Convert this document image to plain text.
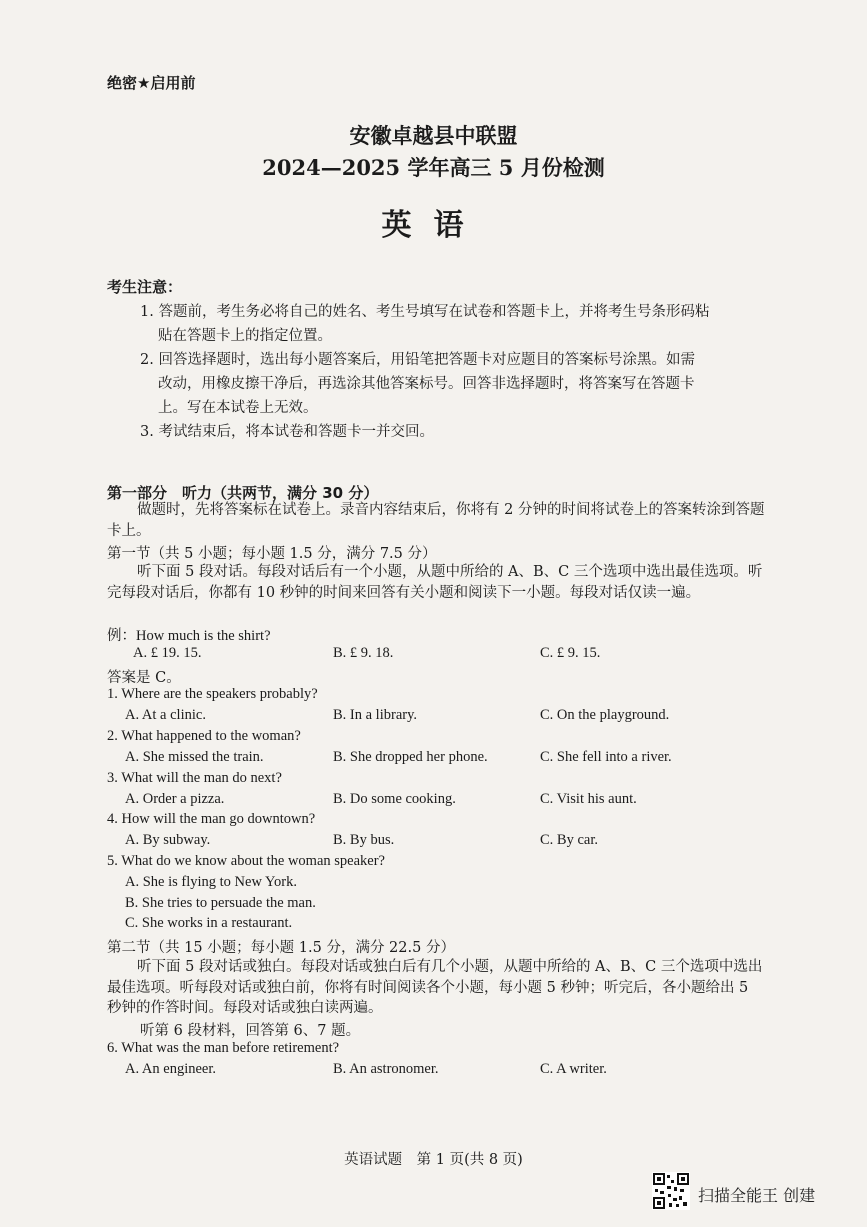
绝密★启用前
安徽卓越县中联盟
2024—2025 学年高三 5 月份检测
英语
考生注意：

1. 答题前，考生务必将自己的姓名、考生号填写在试卷和答题卡上，并将考生号条形码粘

贴在答题卡上的指定位置。

2. 回答选择题时，选出每小题答案后，用铅笔把答题卡对应题目的答案标号涂黑。如需

改动，用橡皮擦干净后，再选涂其他答案标号。回答非选择题时，将答案写在答题卡

上。写在本试卷上无效。

3. 考试结束后，将本试卷和答题卡一并交回。

第一部分　听力（共两节，满分 30 分）
做题时，先将答案标在试卷上。录音内容结束后，你将有 2 分钟的时间将试卷上的答案转涂到答题卡上。
第一节（共 5 小题；每小题 1.5 分，满分 7.5 分）
听下面 5 段对话。每段对话后有一个小题，从题中所给的 A、B、C 三个选项中选出最佳选项。听完每段对话后，你都有 10 秒钟的时间来回答有关小题和阅读下一小题。每段对话仅读一遍。
例：How much is the shirt?
A. £ 19. 15.	B. £ 9. 18.	C. £ 9. 15.
答案是 C。
1. Where are the speakers probably?
A. At a clinic.	B. In a library.	C. On the playground.
2. What happened to the woman?
A. She missed the train.	B. She dropped her phone.	C. She fell into a river.
3. What will the man do next?
A. Order a pizza.	B. Do some cooking.	C. Visit his aunt.
4. How will the man go downtown?
A. By subway.	B. By bus.	C. By car.
5. What do we know about the woman speaker?
A. She is flying to New York.
B. She tries to persuade the man.
C. She works in a restaurant.
第二节（共 15 小题；每小题 1.5 分，满分 22.5 分）
听下面 5 段对话或独白。每段对话或独白后有几个小题，从题中所给的 A、B、C 三个选项中选出最佳选项。听每段对话或独白前，你将有时间阅读各个小题，每小题 5 秒钟；听完后，各小题给出 5 秒钟的作答时间。每段对话或独白读两遍。
听第 6 段材料，回答第 6、7 题。
6. What was the man before retirement?
A. An engineer.	B. An astronomer.	C. A writer.
英语试题　第 1 页(共 8 页)
扫描全能王 创建
